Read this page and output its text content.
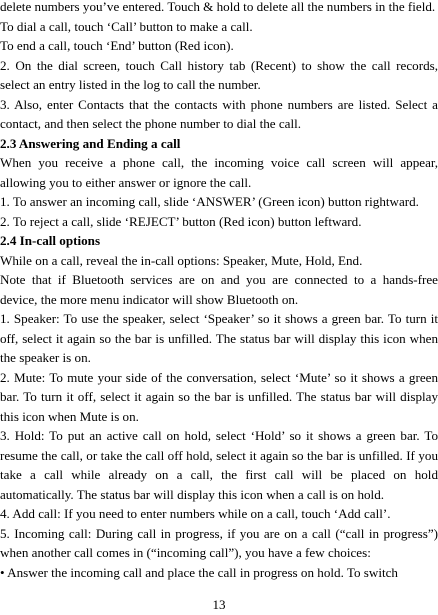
delete numbers you’ve entered. Touch & hold to delete all the numbers in the field.

To dial a call, touch ‘Call’ button to make a call.

To end a call, touch ‘End’ button (Red icon).

2. On the dial screen, touch Call history tab (Recent) to show the call records, select an entry listed in the log to call the number.

3. Also, enter Contacts that the contacts with phone numbers are listed. Select a contact, and then select the phone number to dial the call.

2.3 Answering and Ending a call

When you receive a phone call, the incoming voice call screen will appear, allowing you to either answer or ignore the call.

1. To answer an incoming call, slide ‘ANSWER’ (Green icon) button rightward.

2. To reject a call, slide ‘REJECT’ button (Red icon) button leftward.

2.4 In-call options

While on a call, reveal the in-call options: Speaker, Mute, Hold, End.

Note that if Bluetooth services are on and you are connected to a hands-free device, the more menu indicator will show Bluetooth on.

1. Speaker: To use the speaker, select ‘Speaker’ so it shows a green bar. To turn it off, select it again so the bar is unfilled. The status bar will display this icon when the speaker is on.

2. Mute: To mute your side of the conversation, select ‘Mute’ so it shows a green bar. To turn it off, select it again so the bar is unfilled. The status bar will display this icon when Mute is on.

3. Hold: To put an active call on hold, select ‘Hold’ so it shows a green bar. To resume the call, or take the call off hold, select it again so the bar is unfilled. If you take a call while already on a call, the first call will be placed on hold automatically. The status bar will display this icon when a call is on hold.

4. Add call: If you need to enter numbers while on a call, touch ‘Add call’.

5. Incoming call: During call in progress, if you are on a call (“call in progress”) when another call comes in (“incoming call”), you have a few choices:

• Answer the incoming call and place the call in progress on hold. To switch

13
